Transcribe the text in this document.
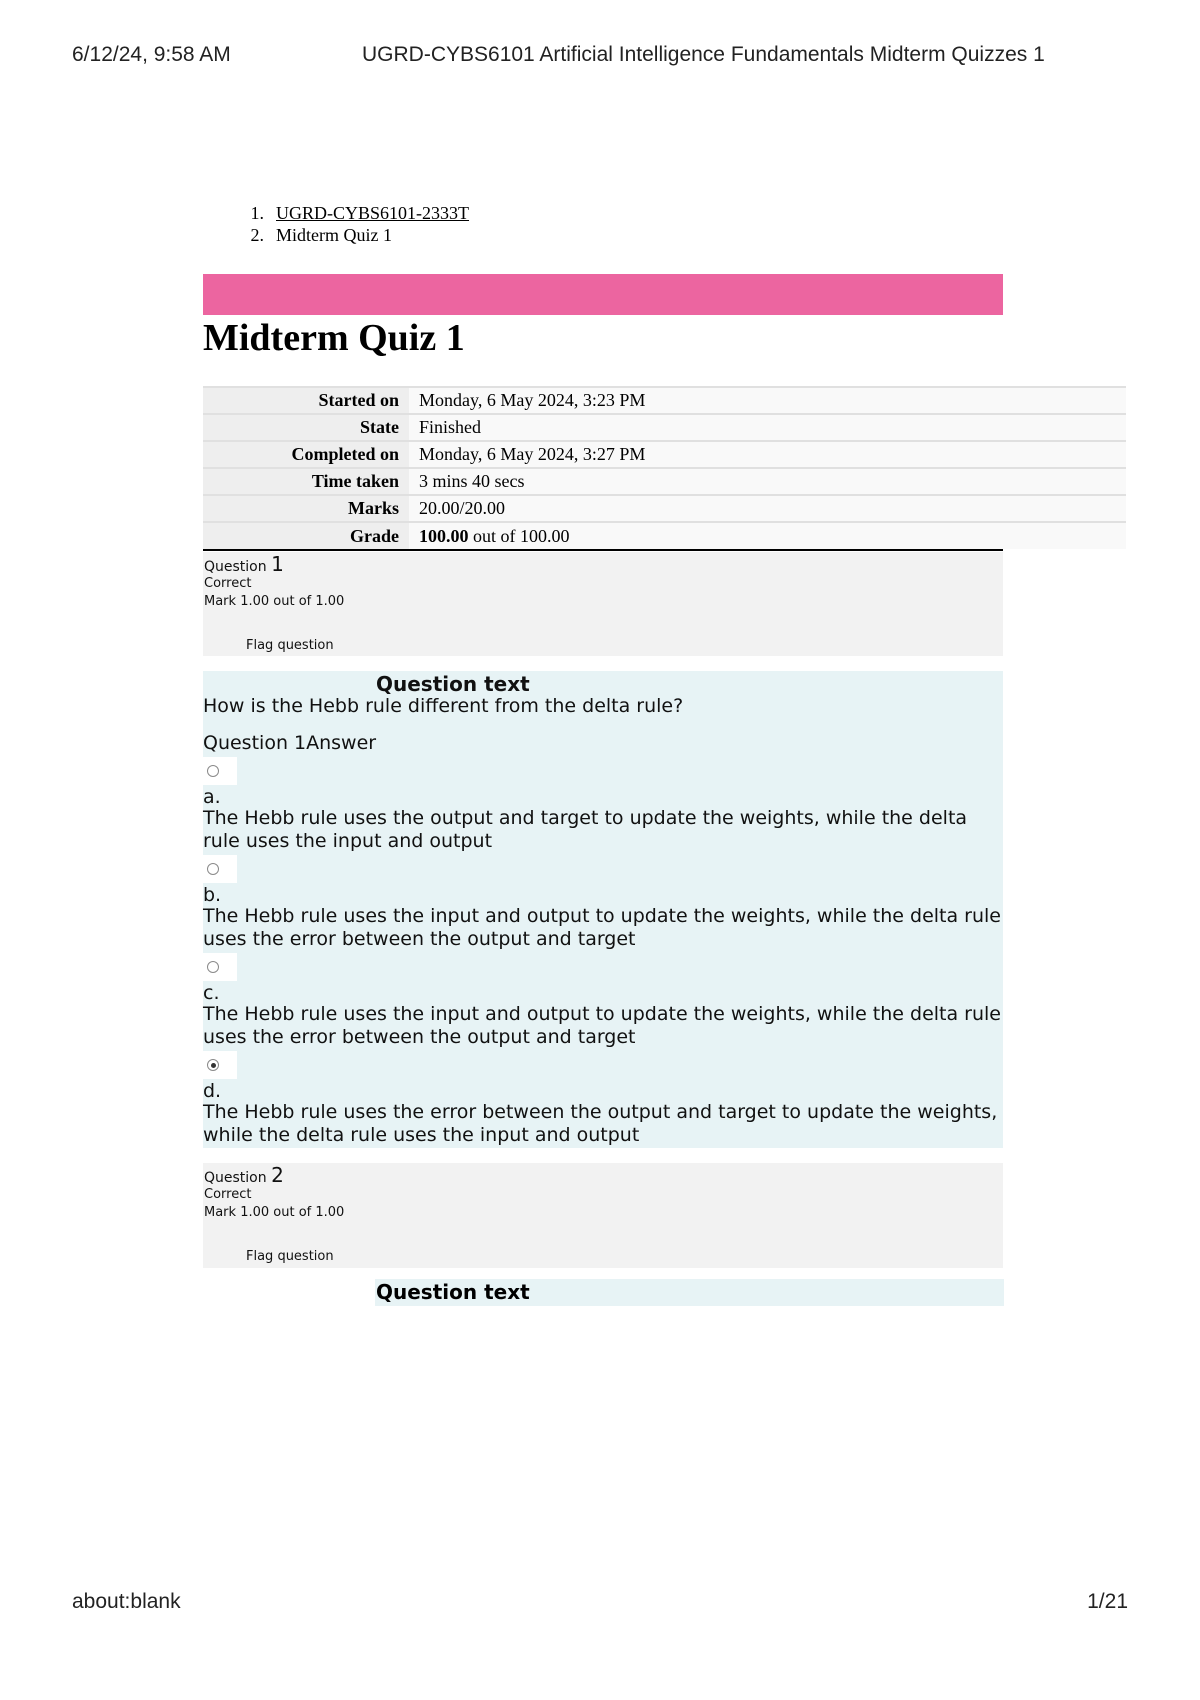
6/12/24, 9:58 AM	UGRD-CYBS6101 Artificial Intelligence Fundamentals Midterm Quizzes 1
1. UGRD-CYBS6101-2333T
2. Midterm Quiz 1
Midterm Quiz 1
Started on	Monday, 6 May 2024, 3:23 PM
State	Finished
Completed on	Monday, 6 May 2024, 3:27 PM
Time taken	3 mins 40 secs
Marks	20.00/20.00
Grade	100.00 out of 100.00
Question 1
Correct
Mark 1.00 out of 1.00
Flag question
Question text
How is the Hebb rule different from the delta rule?
Question 1Answer
a.
The Hebb rule uses the output and target to update the weights, while the delta rule uses the input and output
b.
The Hebb rule uses the input and output to update the weights, while the delta rule uses the error between the output and target
c.
The Hebb rule uses the input and output to update the weights, while the delta rule uses the error between the output and target
d.
The Hebb rule uses the error between the output and target to update the weights, while the delta rule uses the input and output
Question 2
Correct
Mark 1.00 out of 1.00
Flag question
Question text
about:blank	1/21
